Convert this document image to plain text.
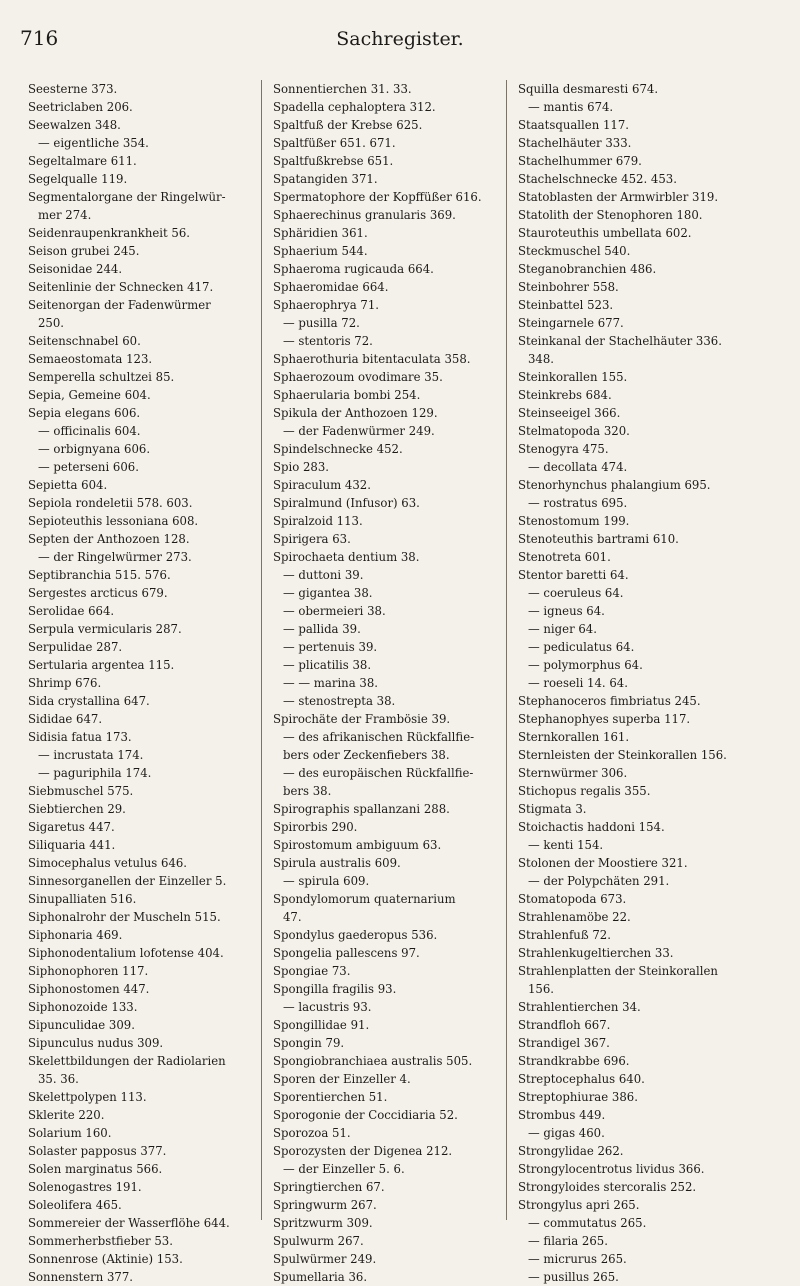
716	Sachregister.
Seesterne 373.
Seetriclaben 206.
Seewalzen 348.
— eigentliche 354.
Segeltalmare 611.
Segelqualle 119.
Segmentalorgane der Ringelwür-
mer 274.
Seidenraupenkrankheit 56.
Seison grubei 245.
Seisonidae 244.
Seitenlinie der Schnecken 417.
Seitenorgan der Fadenwürmer
250.
Seitenschnabel 60.
Semaeostomata 123.
Semperella schultzei 85.
Sepia, Gemeine 604.
Sepia elegans 606.
— officinalis 604.
— orbignyana 606.
— peterseni 606.
Sepietta 604.
Sepiola rondeletii 578. 603.
Sepioteuthis lessoniana 608.
Septen der Anthozoen 128.
— der Ringelwürmer 273.
Septibranchia 515. 576.
Sergestes arcticus 679.
Serolidae 664.
Serpula vermicularis 287.
Serpulidae 287.
Sertularia argentea 115.
Shrimp 676.
Sida crystallina 647.
Sididae 647.
Sidisia fatua 173.
— incrustata 174.
— paguriphila 174.
Siebmuschel 575.
Siebtierchen 29.
Sigaretus 447.
Siliquaria 441.
Simocephalus vetulus 646.
Sinnesorganellen der Einzeller 5.
Sinupalliaten 516.
Siphonalrohr der Muscheln 515.
Siphonaria 469.
Siphonodentalium lofotense 404.
Siphonophoren 117.
Siphonostomen 447.
Siphonozoide 133.
Sipunculidae 309.
Sipunculus nudus 309.
Skelettbildungen der Radiolarien
35. 36.
Skelettpolypen 113.
Sklerite 220.
Solarium 160.
Solaster papposus 377.
Solen marginatus 566.
Solenogastres 191.
Soleolifera 465.
Sommereier der Wasserflöhe 644.
Sommerherbstfieber 53.
Sonnenrose (Aktinie) 153.
Sonnenstern 377.
Sonnentierchen 31. 33.
Spadella cephaloptera 312.
Spaltfuß der Krebse 625.
Spaltfüßer 651. 671.
Spaltfußkrebse 651.
Spatangiden 371.
Spermatophore der Kopffüßer 616.
Sphaerechinus granularis 369.
Sphäridien 361.
Sphaerium 544.
Sphaeroma rugicauda 664.
Sphaeromidae 664.
Sphaerophrya 71.
— pusilla 72.
— stentoris 72.
Sphaerothuria bitentaculata 358.
Sphaerozoum ovodimare 35.
Sphaerularia bombi 254.
Spikula der Anthozoen 129.
— der Fadenwürmer 249.
Spindelschnecke 452.
Spio 283.
Spiraculum 432.
Spiralmund (Infusor) 63.
Spiralzoid 113.
Spirigera 63.
Spirochaeta dentium 38.
— duttoni 39.
— gigantea 38.
— obermeieri 38.
— pallida 39.
— pertenuis 39.
— plicatilis 38.
— — marina 38.
— stenostrepta 38.
Spirochäte der Frambösie 39.
— des afrikanischen Rückfallfie-
bers oder Zeckenfiebers 38.
— des europäischen Rückfallfie-
bers 38.
Spirographis spallanzani 288.
Spirorbis 290.
Spirostomum ambiguum 63.
Spirula australis 609.
— spirula 609.
Spondylomorum quaternarium
47.
Spondylus gaederopus 536.
Spongelia pallescens 97.
Spongiae 73.
Spongilla fragilis 93.
— lacustris 93.
Spongillidae 91.
Spongin 79.
Spongiobranchiaea australis 505.
Sporen der Einzeller 4.
Sporentierchen 51.
Sporogonie der Coccidiaria 52.
Sporozoa 51.
Sporozysten der Digenea 212.
— der Einzeller 5. 6.
Springtierchen 67.
Springwurm 267.
Spritzwurm 309.
Spulwurm 267.
Spulwürmer 249.
Spumellaria 36.
Squilla desmaresti 674.
— mantis 674.
Staatsquallen 117.
Stachelhäuter 333.
Stachelhummer 679.
Stachelschnecke 452. 453.
Statoblasten der Armwirbler 319.
Statolith der Stenophoren 180.
Stauroteuthis umbellata 602.
Steckmuschel 540.
Steganobranchien 486.
Steinbohrer 558.
Steinbattel 523.
Steingarnele 677.
Steinkanal der Stachelhäuter 336.
348.
Steinkorallen 155.
Steinkrebs 684.
Steinseeigel 366.
Stelmatopoda 320.
Stenogyra 475.
— decollata 474.
Stenorhynchus phalangium 695.
— rostratus 695.
Stenostomum 199.
Stenoteuthis bartrami 610.
Stenotreta 601.
Stentor baretti 64.
— coeruleus 64.
— igneus 64.
— niger 64.
— pediculatus 64.
— polymorphus 64.
— roeseli 14. 64.
Stephanoceros fimbriatus 245.
Stephanophyes superba 117.
Sternkorallen 161.
Sternleisten der Steinkorallen 156.
Sternwürmer 306.
Stichopus regalis 355.
Stigmata 3.
Stoichactis haddoni 154.
— kenti 154.
Stolonen der Moostiere 321.
— der Polypchäten 291.
Stomatopoda 673.
Strahlenamöbe 22.
Strahlenfuß 72.
Strahlenkugeltierchen 33.
Strahlenplatten der Steinkorallen
156.
Strahlentierchen 34.
Strandfloh 667.
Strandigel 367.
Strandkrabbe 696.
Streptocephalus 640.
Streptophiurae 386.
Strombus 449.
— gigas 460.
Strongylidae 262.
Strongylocentrotus lividus 366.
Strongyloides stercoralis 252.
Strongylus apri 265.
— commutatus 265.
— filaria 265.
— micrurus 265.
— pusillus 265.
